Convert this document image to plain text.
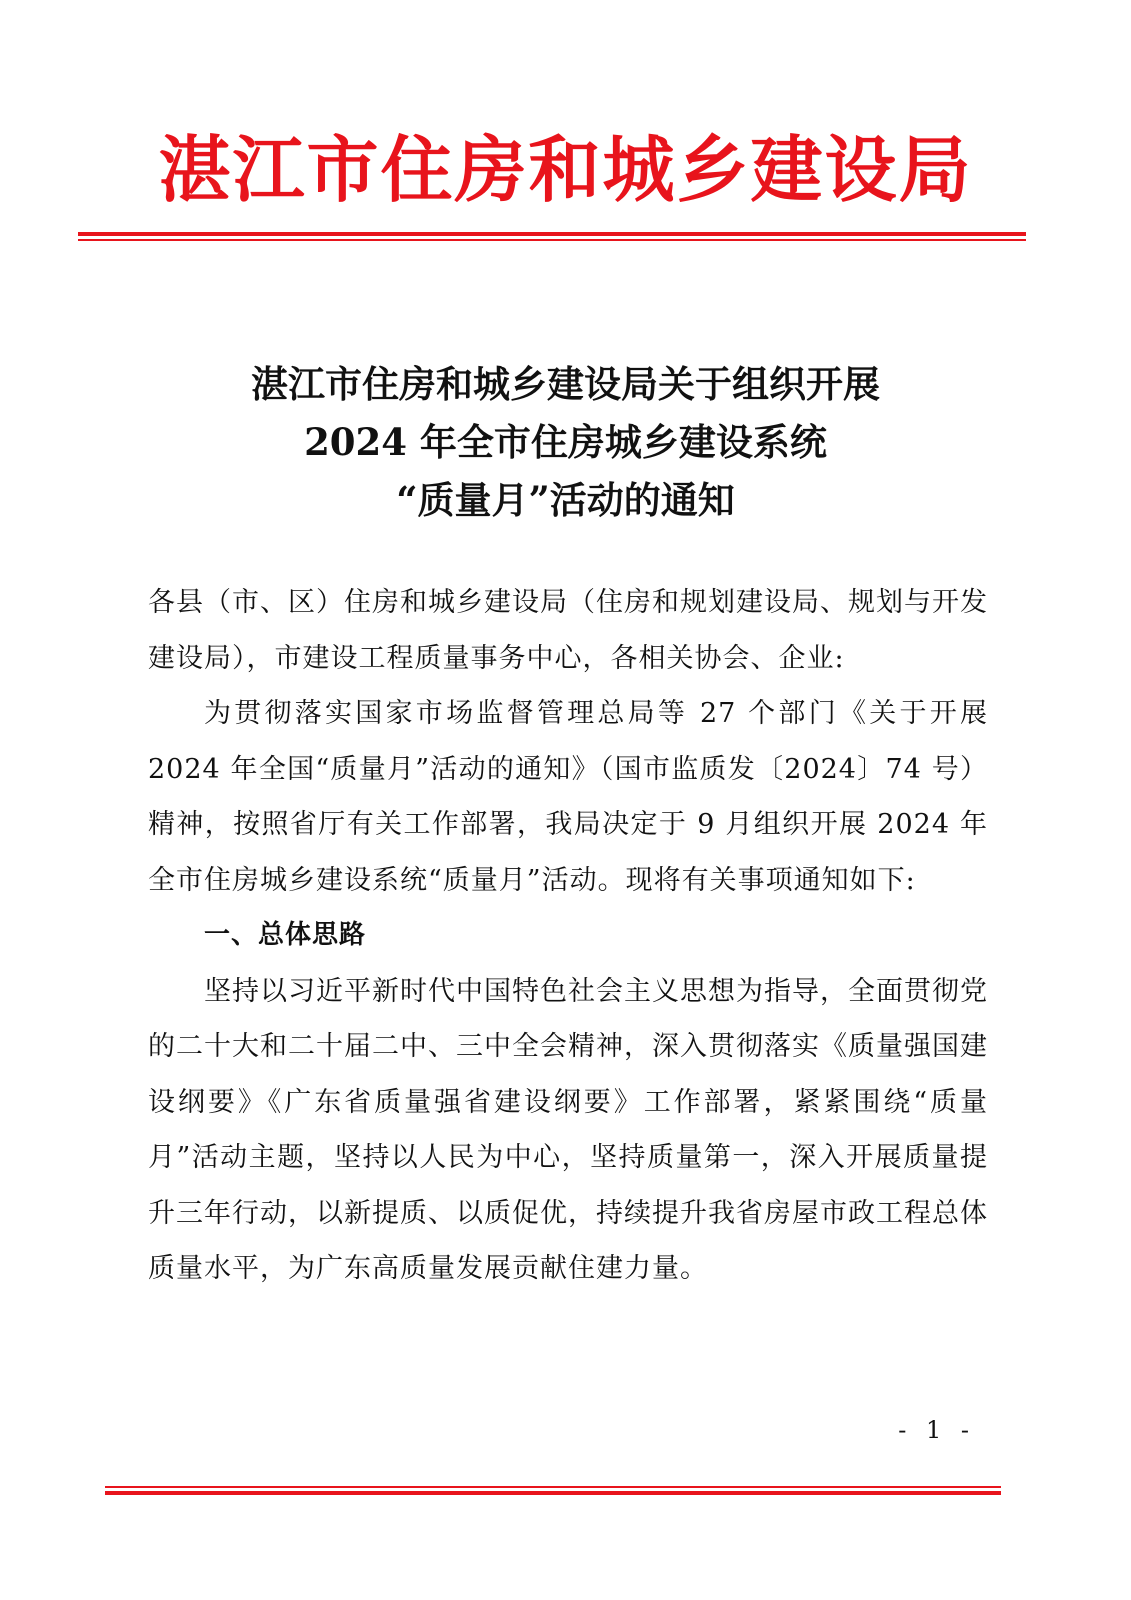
湛江市住房和城乡建设局
湛江市住房和城乡建设局关于组织开展
2024 年全市住房城乡建设系统
“质量月”活动的通知

各县（市、区）住房和城乡建设局（住房和规划建设局、规划与开发建设局），市建设工程质量事务中心，各相关协会、企业:

为贯彻落实国家市场监督管理总局等 27 个部门《关于开展 2024 年全国“质量月”活动的通知》（国市监质发〔2024〕74 号）精神，按照省厅有关工作部署，我局决定于 9 月组织开展 2024 年全市住房城乡建设系统“质量月”活动。现将有关事项通知如下:

一、总体思路

坚持以习近平新时代中国特色社会主义思想为指导，全面贯彻党的二十大和二十届二中、三中全会精神，深入贯彻落实《质量强国建设纲要》《广东省质量强省建设纲要》工作部署，紧紧围绕“质量月”活动主题，坚持以人民为中心，坚持质量第一，深入开展质量提升三年行动，以新提质、以质促优，持续提升我省房屋市政工程总体质量水平，为广东高质量发展贡献住建力量。

- 1 -
